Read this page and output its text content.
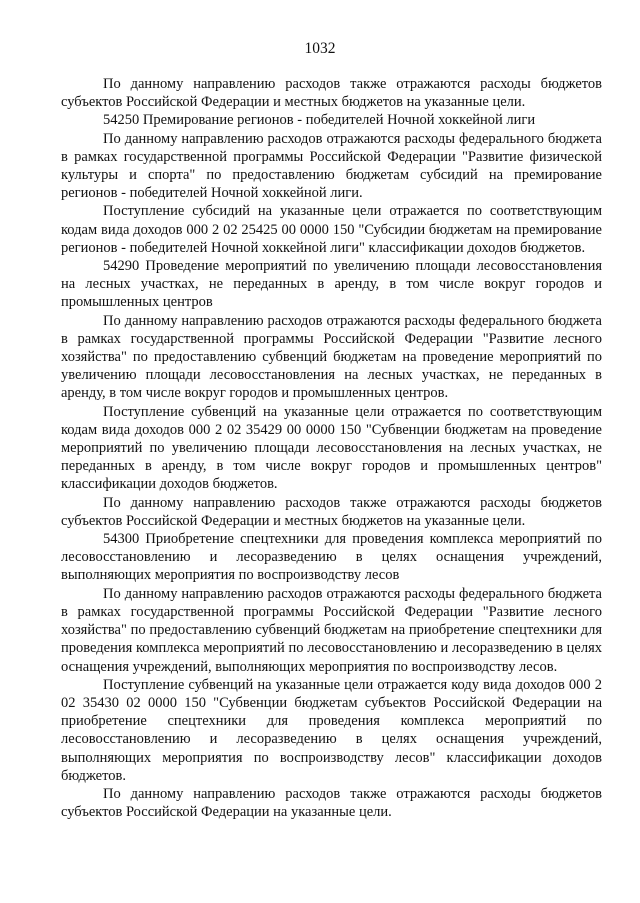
1032

По данному направлению расходов также отражаются расходы бюджетов субъектов Российской Федерации и местных бюджетов на указанные цели.

54250 Премирование регионов - победителей Ночной хоккейной лиги

По данному направлению расходов отражаются расходы федерального бюджета в рамках государственной программы Российской Федерации "Развитие физической культуры и спорта" по предоставлению бюджетам субсидий на премирование регионов - победителей Ночной хоккейной лиги.

Поступление субсидий на указанные цели отражается по соответствующим кодам вида доходов 000 2 02 25425 00 0000 150 "Субсидии бюджетам на премирование регионов - победителей Ночной хоккейной лиги" классификации доходов бюджетов.

54290 Проведение мероприятий по увеличению площади лесовосстановления на лесных участках, не переданных в аренду, в том числе вокруг городов и промышленных центров

По данному направлению расходов отражаются расходы федерального бюджета в рамках государственной программы Российской Федерации "Развитие лесного хозяйства" по предоставлению субвенций бюджетам на проведение мероприятий по увеличению площади лесовосстановления на лесных участках, не переданных в аренду, в том числе вокруг городов и промышленных центров.

Поступление субвенций на указанные цели отражается по соответствующим кодам вида доходов 000 2 02 35429 00 0000 150 "Субвенции бюджетам на проведение мероприятий по увеличению площади лесовосстановления на лесных участках, не переданных в аренду, в том числе вокруг городов и промышленных центров" классификации доходов бюджетов.

По данному направлению расходов также отражаются расходы бюджетов субъектов Российской Федерации и местных бюджетов на указанные цели.

54300 Приобретение спецтехники для проведения комплекса мероприятий по лесовосстановлению и лесоразведению в целях оснащения учреждений, выполняющих мероприятия по воспроизводству лесов

По данному направлению расходов отражаются расходы федерального бюджета в рамках государственной программы Российской Федерации "Развитие лесного хозяйства" по предоставлению субвенций бюджетам на приобретение спецтехники для проведения комплекса мероприятий по лесовосстановлению и лесоразведению в целях оснащения учреждений, выполняющих мероприятия по воспроизводству лесов.

Поступление субвенций на указанные цели отражается коду вида доходов 000 2 02 35430 02 0000 150 "Субвенции бюджетам субъектов Российской Федерации на приобретение спецтехники для проведения комплекса мероприятий по лесовосстановлению и лесоразведению в целях оснащения учреждений, выполняющих мероприятия по воспроизводству лесов" классификации доходов бюджетов.

По данному направлению расходов также отражаются расходы бюджетов субъектов Российской Федерации на указанные цели.
